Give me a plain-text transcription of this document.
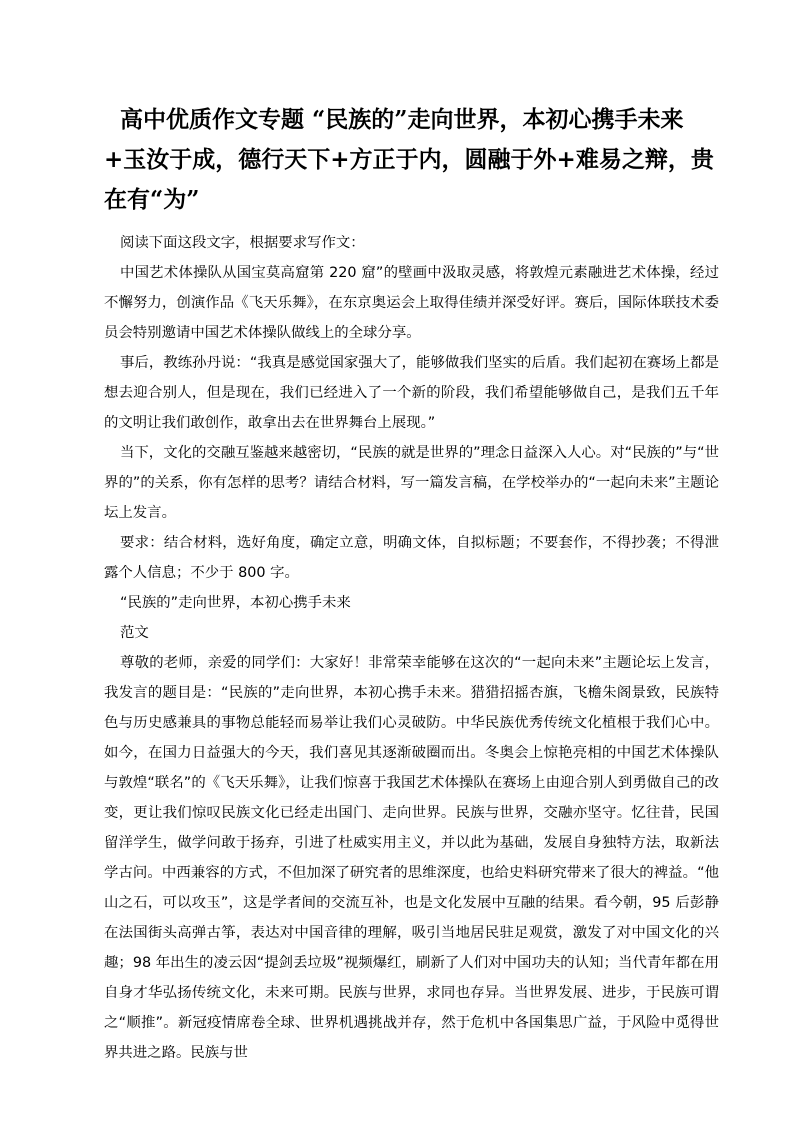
高中优质作文专题 “民族的”走向世界，本初心携手未来+玉汝于成，德行天下+方正于内，圆融于外+难易之辩，贵在有“为”

阅读下面这段文字，根据要求写作文：

中国艺术体操队从国宝莫高窟第 220 窟”的壁画中汲取灵感，将敦煌元素融进艺术体操，经过不懈努力，创演作品《飞天乐舞》，在东京奥运会上取得佳绩并深受好评。赛后，国际体联技术委员会特别邀请中国艺术体操队做线上的全球分享。

事后，教练孙丹说：“我真是感觉国家强大了，能够做我们坚实的后盾。我们起初在赛场上都是想去迎合别人，但是现在，我们已经进入了一个新的阶段，我们希望能够做自己，是我们五千年的文明让我们敢创作，敢拿出去在世界舞台上展现。”

当下，文化的交融互鉴越来越密切，“民族的就是世界的”理念日益深入人心。对“民族的”与“世界的”的关系，你有怎样的思考？请结合材料，写一篇发言稿，在学校举办的“一起向未来”主题论坛上发言。

要求：结合材料，选好角度，确定立意，明确文体，自拟标题；不要套作，不得抄袭；不得泄露个人信息；不少于 800 字。

“民族的”走向世界，本初心携手未来

范文

尊敬的老师，亲爱的同学们：大家好！非常荣幸能够在这次的“一起向未来”主题论坛上发言，我发言的题目是：“民族的”走向世界，本初心携手未来。猎猎招摇杏旗，飞檐朱阁景致，民族特色与历史感兼具的事物总能轻而易举让我们心灵破防。中华民族优秀传统文化植根于我们心中。如今，在国力日益强大的今天，我们喜见其逐渐破圈而出。冬奥会上惊艳亮相的中国艺术体操队与敦煌“联名”的《飞天乐舞》，让我们惊喜于我国艺术体操队在赛场上由迎合别人到勇做自己的改变，更让我们惊叹民族文化已经走出国门、走向世界。民族与世界，交融亦坚守。忆往昔，民国留洋学生，做学问敢于扬弃，引进了杜威实用主义，并以此为基础，发展自身独特方法，取新法学古问。中西兼容的方式，不但加深了研究者的思维深度，也给史料研究带来了很大的裨益。“他山之石，可以攻玉”，这是学者间的交流互补，也是文化发展中互融的结果。看今朝，95 后彭静在法国街头高弹古筝，表达对中国音律的理解，吸引当地居民驻足观赏，激发了对中国文化的兴趣；98 年出生的凌云因“提剑丢垃圾”视频爆红，刷新了人们对中国功夫的认知；当代青年都在用自身才华弘扬传统文化，未来可期。民族与世界，求同也存异。当世界发展、进步，于民族可谓之“顺推”。新冠疫情席卷全球、世界机遇挑战并存，然于危机中各国集思广益，于风险中觅得世界共进之路。民族与世
